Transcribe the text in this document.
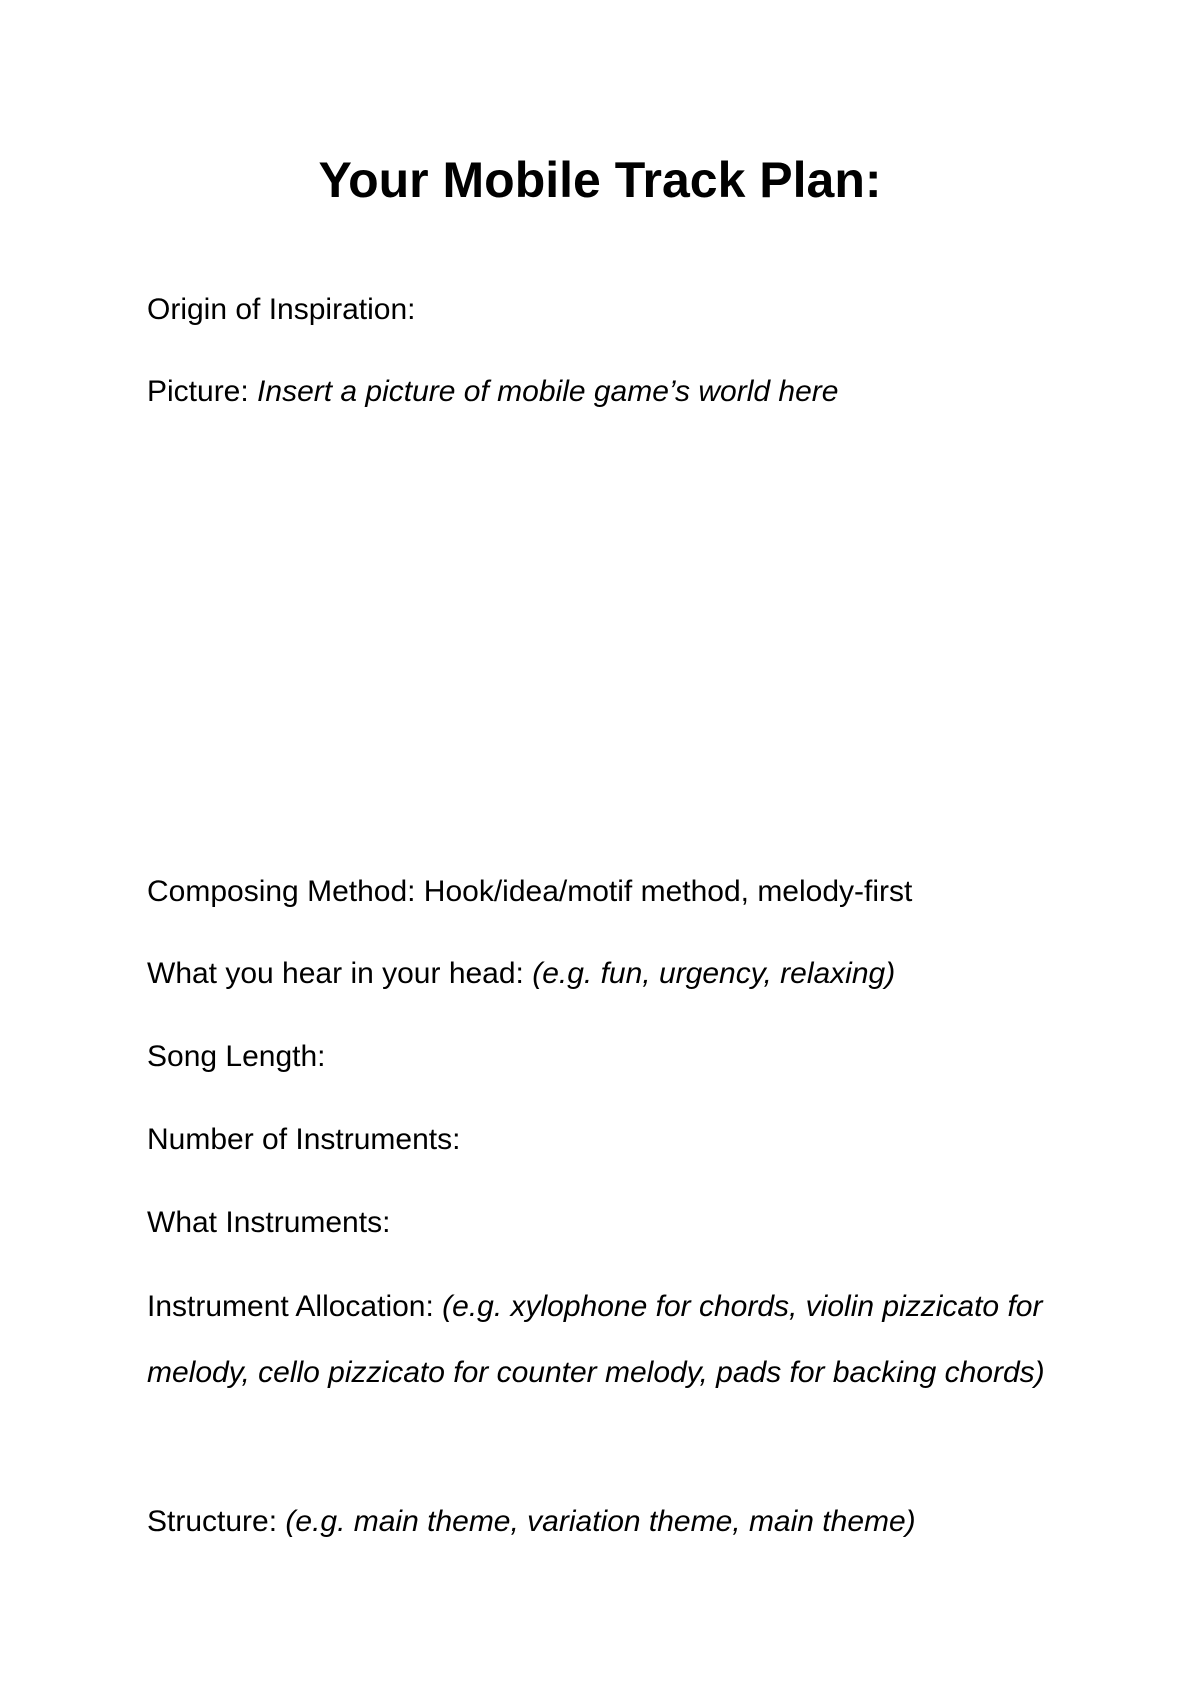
Your Mobile Track Plan:
Origin of Inspiration:
Picture: Insert a picture of mobile game’s world here
Composing Method: Hook/idea/motif method, melody-first
What you hear in your head: (e.g. fun, urgency, relaxing)
Song Length:
Number of Instruments:
What Instruments:
Instrument Allocation: (e.g. xylophone for chords, violin pizzicato for melody, cello pizzicato for counter melody, pads for backing chords)
Structure: (e.g. main theme, variation theme, main theme)
